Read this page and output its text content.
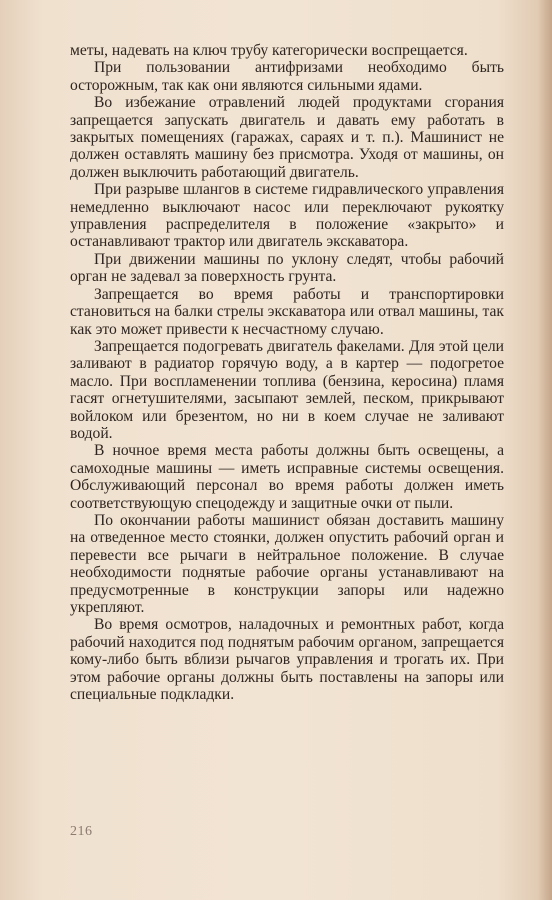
меты, надевать на ключ трубу категорически воспрещается.

При пользовании антифризами необходимо быть осторожным, так как они являются сильными ядами.

Во избежание отравлений людей продуктами сгорания запрещается запускать двигатель и давать ему работать в закрытых помещениях (гаражах, сараях и т. п.). Машинист не должен оставлять машину без присмотра. Уходя от машины, он должен выключить работающий двигатель.

При разрыве шлангов в системе гидравлического управления немедленно выключают насос или переключают рукоятку управления распределителя в положение «закрыто» и останавливают трактор или двигатель экскаватора.

При движении машины по уклону следят, чтобы рабочий орган не задевал за поверхность грунта.

Запрещается во время работы и транспортировки становиться на балки стрелы экскаватора или отвал машины, так как это может привести к несчастному случаю.

Запрещается подогревать двигатель факелами. Для этой цели заливают в радиатор горячую воду, а в картер — подогретое масло. При воспламенении топлива (бензина, керосина) пламя гасят огнетушителями, засыпают землей, песком, прикрывают войлоком или брезентом, но ни в коем случае не заливают водой.

В ночное время места работы должны быть освещены, а самоходные машины — иметь исправные системы освещения. Обслуживающий персонал во время работы должен иметь соответствующую спецодежду и защитные очки от пыли.

По окончании работы машинист обязан доставить машину на отведенное место стоянки, должен опустить рабочий орган и перевести все рычаги в нейтральное положение. В случае необходимости поднятые рабочие органы устанавливают на предусмотренные в конструкции запоры или надежно укрепляют.

Во время осмотров, наладочных и ремонтных работ, когда рабочий находится под поднятым рабочим органом, запрещается кому-либо быть вблизи рычагов управления и трогать их. При этом рабочие органы должны быть поставлены на запоры или специальные подкладки.

216
